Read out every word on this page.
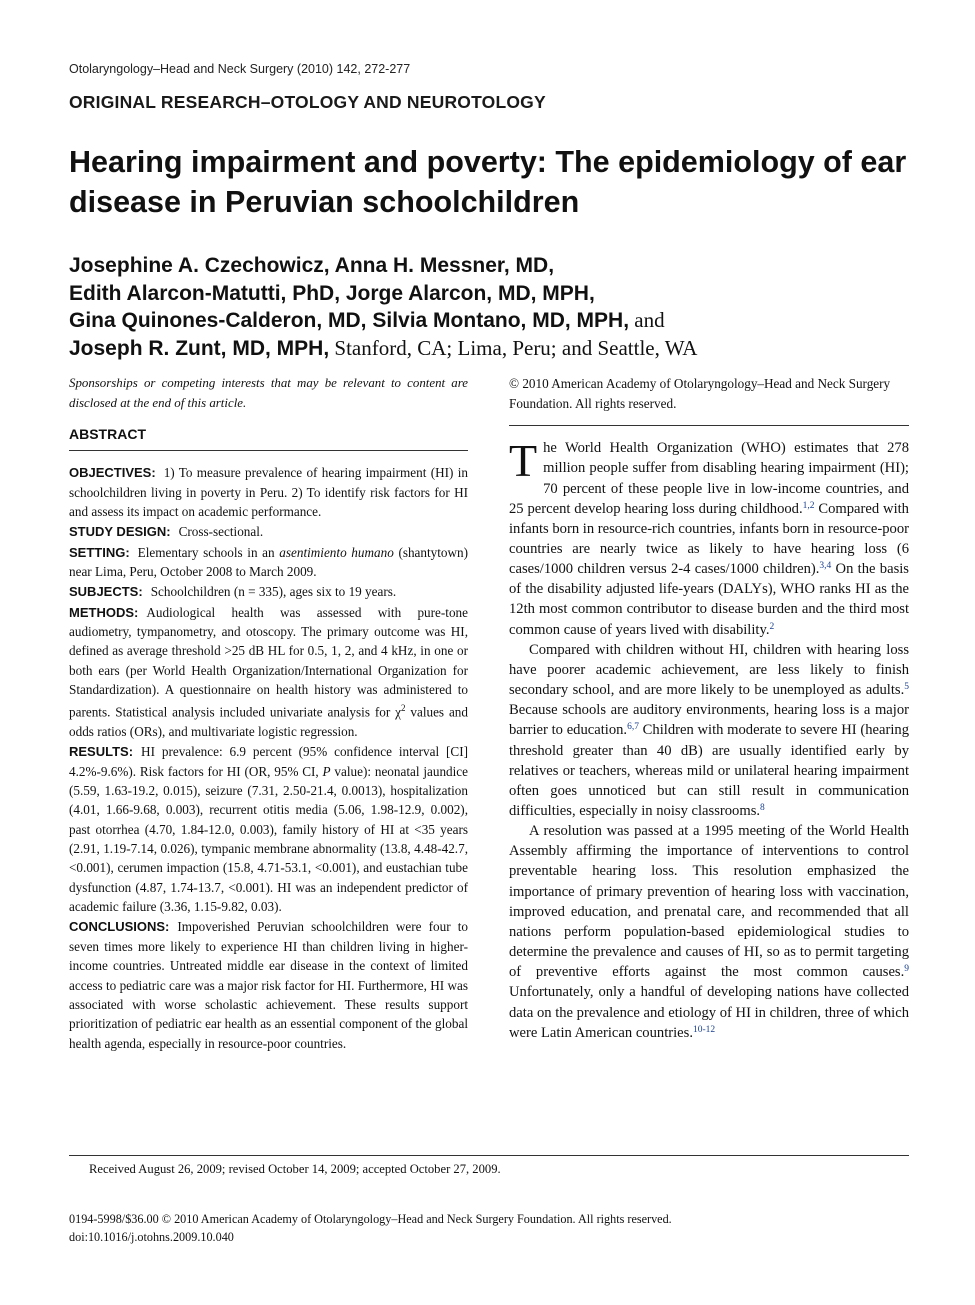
Otolaryngology–Head and Neck Surgery (2010) 142, 272-277
ORIGINAL RESEARCH–OTOLOGY AND NEUROTOLOGY
Hearing impairment and poverty: The epidemiology of ear disease in Peruvian schoolchildren
Josephine A. Czechowicz, Anna H. Messner, MD,
Edith Alarcon-Matutti, PhD, Jorge Alarcon, MD, MPH,
Gina Quinones-Calderon, MD, Silvia Montano, MD, MPH, and
Joseph R. Zunt, MD, MPH, Stanford, CA; Lima, Peru; and Seattle, WA

Sponsorships or competing interests that may be relevant to content are disclosed at the end of this article.

ABSTRACT

OBJECTIVES: 1) To measure prevalence of hearing impairment (HI) in schoolchildren living in poverty in Peru. 2) To identify risk factors for HI and assess its impact on academic performance.

STUDY DESIGN: Cross-sectional.

SETTING: Elementary schools in an asentimiento humano (shantytown) near Lima, Peru, October 2008 to March 2009.

SUBJECTS: Schoolchildren (n = 335), ages six to 19 years.

METHODS: Audiological health was assessed with pure-tone audiometry, tympanometry, and otoscopy. The primary outcome was HI, defined as average threshold >25 dB HL for 0.5, 1, 2, and 4 kHz, in one or both ears (per World Health Organization/International Organization for Standardization). A questionnaire on health history was administered to parents. Statistical analysis included univariate analysis for $\chi^2$ values and odds ratios (ORs), and multivariate logistic regression.

RESULTS: HI prevalence: 6.9 percent (95% confidence interval [CI] 4.2%-9.6%). Risk factors for HI (OR, 95% CI, P value): neonatal jaundice (5.59, 1.63-19.2, 0.015), seizure (7.31, 2.50-21.4, 0.0013), hospitalization (4.01, 1.66-9.68, 0.003), recurrent otitis media (5.06, 1.98-12.9, 0.002), past otorrhea (4.70, 1.84-12.0, 0.003), family history of HI at <35 years (2.91, 1.19-7.14, 0.026), tympanic membrane abnormality (13.8, 4.48-42.7, <0.001), cerumen impaction (15.8, 4.71-53.1, <0.001), and eustachian tube dysfunction (4.87, 1.74-13.7, <0.001). HI was an independent predictor of academic failure (3.36, 1.15-9.82, 0.03).

CONCLUSIONS: Impoverished Peruvian schoolchildren were four to seven times more likely to experience HI than children living in higher-income countries. Untreated middle ear disease in the context of limited access to pediatric care was a major risk factor for HI. Furthermore, HI was associated with worse scholastic achievement. These results support prioritization of pediatric ear health as an essential component of the global health agenda, especially in resource-poor countries.

© 2010 American Academy of Otolaryngology–Head and Neck Surgery Foundation. All rights reserved.

The World Health Organization (WHO) estimates that 278 million people suffer from disabling hearing impairment (HI); 70 percent of these people live in low-income countries, and 25 percent develop hearing loss during childhood.$^{1,2}$ Compared with infants born in resource-rich countries, infants born in resource-poor countries are nearly twice as likely to have hearing loss (6 cases/1000 children versus 2-4 cases/1000 children).$^{3,4}$ On the basis of the disability adjusted life-years (DALYs), WHO ranks HI as the 12th most common contributor to disease burden and the third most common cause of years lived with disability.$^2$

Compared with children without HI, children with hearing loss have poorer academic achievement, are less likely to finish secondary school, and are more likely to be unemployed as adults.$^5$ Because schools are auditory environments, hearing loss is a major barrier to education.$^{6,7}$ Children with moderate to severe HI (hearing threshold greater than 40 dB) are usually identified early by relatives or teachers, whereas mild or unilateral hearing impairment often goes unnoticed but can still result in communication difficulties, especially in noisy classrooms.$^8$

A resolution was passed at a 1995 meeting of the World Health Assembly affirming the importance of interventions to control preventable hearing loss. This resolution emphasized the importance of primary prevention of hearing loss with vaccination, improved education, and prenatal care, and recommended that all nations perform population-based epidemiological studies to determine the prevalence and causes of HI, so as to permit targeting of preventive efforts against the most common causes.$^9$ Unfortunately, only a handful of developing nations have collected data on the prevalence and etiology of HI in children, three of which were Latin American countries.$^{10-12}$

Received August 26, 2009; revised October 14, 2009; accepted October 27, 2009.
0194-5998/$36.00 © 2010 American Academy of Otolaryngology–Head and Neck Surgery Foundation. All rights reserved.
doi:10.1016/j.otohns.2009.10.040
